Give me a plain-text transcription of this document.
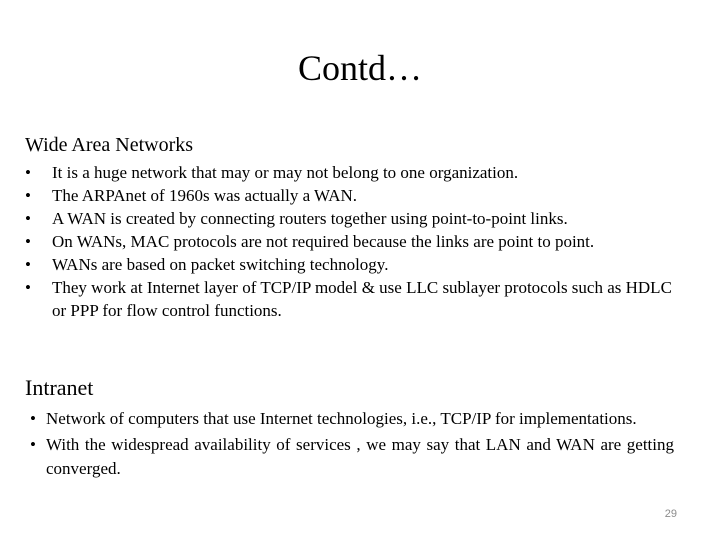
Contd…
Wide Area Networks
• It is a huge network that may or may not belong to one organization.
• The ARPAnet of 1960s was actually a WAN.
• A WAN is created by connecting routers together using point-to-point links.
• On WANs, MAC protocols are not required because the links are point to point.
• WANs are based on packet switching technology.
• They work at Internet layer of TCP/IP model & use LLC sublayer protocols such as HDLC or PPP for flow control functions.
Intranet
• Network of computers that use Internet technologies, i.e., TCP/IP for implementations.
• With the widespread availability of services , we may say that LAN and WAN are getting converged.
29
